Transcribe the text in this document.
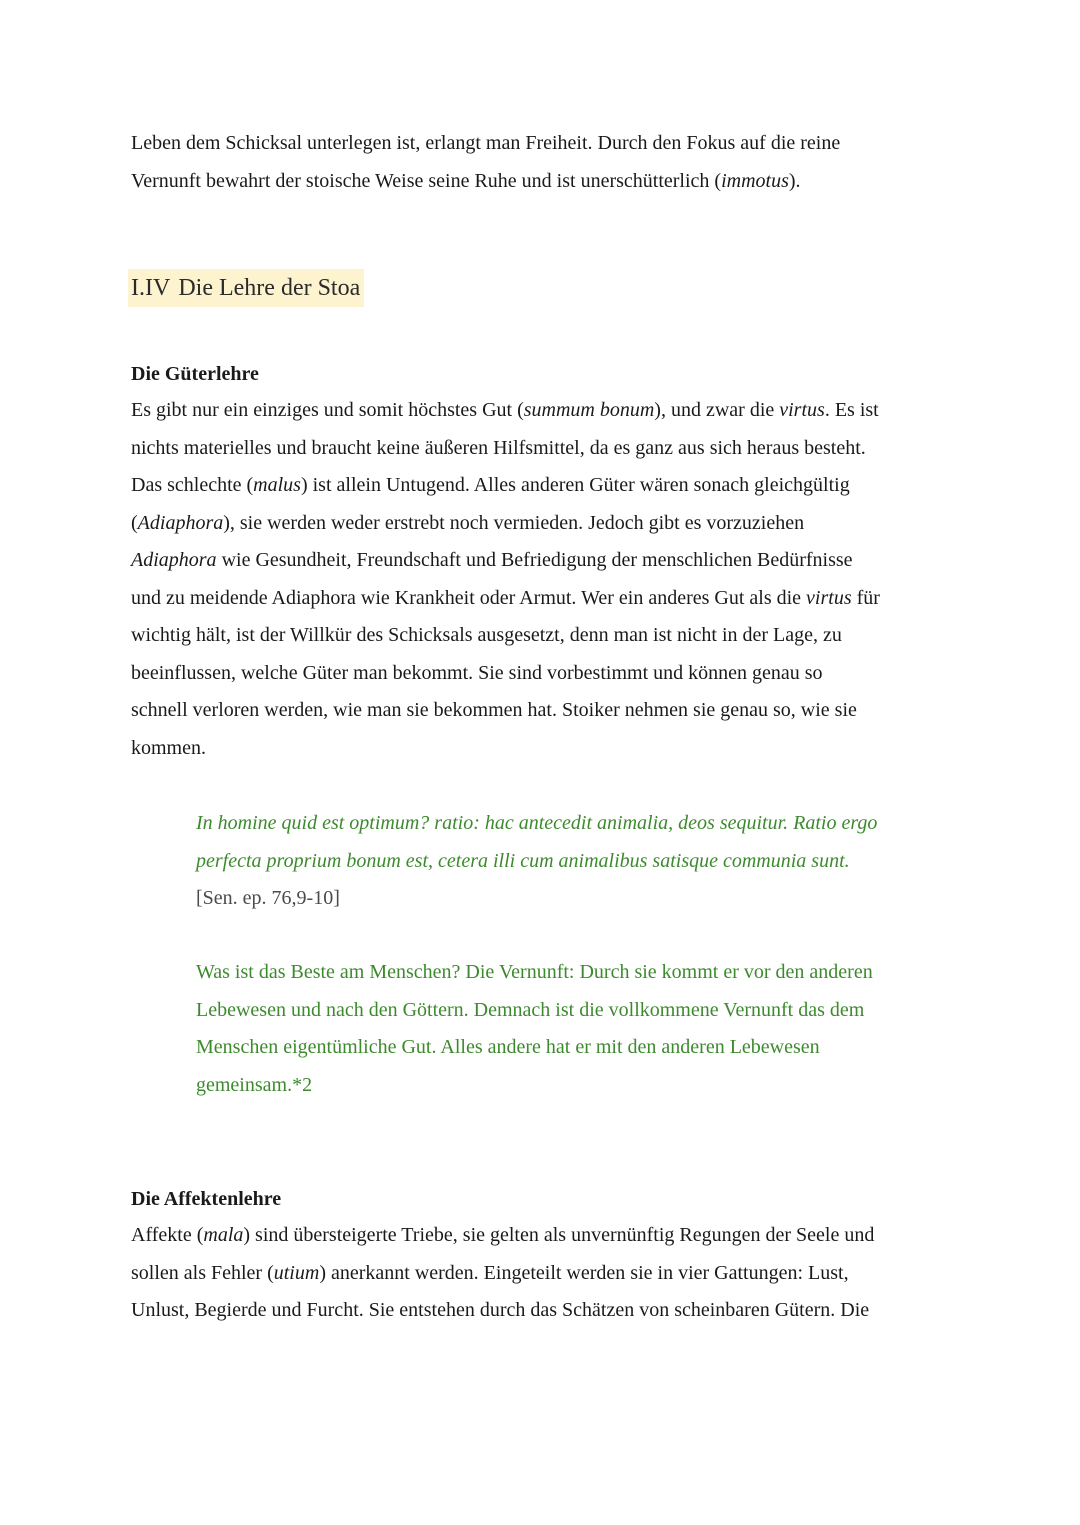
Leben dem Schicksal unterlegen ist, erlangt man Freiheit. Durch den Fokus auf die reine
Vernunft bewahrt der stoische Weise seine Ruhe und ist unerschütterlich (immotus).

I.IV Die Lehre der Stoa
Die Güterlehre

Es gibt nur ein einziges und somit höchstes Gut (summum bonum), und zwar die virtus. Es ist
nichts materielles und braucht keine äußeren Hilfsmittel, da es ganz aus sich heraus besteht.
Das schlechte (malus) ist allein Untugend. Alles anderen Güter wären sonach gleichgültig
(Adiaphora), sie werden weder erstrebt noch vermieden. Jedoch gibt es vorzuziehen
Adiaphora wie Gesundheit, Freundschaft und Befriedigung der menschlichen Bedürfnisse
und zu meidende Adiaphora wie Krankheit oder Armut. Wer ein anderes Gut als die virtus für
wichtig hält, ist der Willkür des Schicksals ausgesetzt, denn man ist nicht in der Lage, zu
beeinflussen, welche Güter man bekommt. Sie sind vorbestimmt und können genau so
schnell verloren werden, wie man sie bekommen hat. Stoiker nehmen sie genau so, wie sie
kommen.

In homine quid est optimum? ratio: hac antecedit animalia, deos sequitur. Ratio ergo
perfecta proprium bonum est, cetera illi cum animalibus satisque communia sunt.
[Sen. ep. 76,9-10]
Was ist das Beste am Menschen? Die Vernunft: Durch sie kommt er vor den anderen
Lebewesen und nach den Göttern. Demnach ist die vollkommene Vernunft das dem
Menschen eigentümliche Gut. Alles andere hat er mit den anderen Lebewesen
gemeinsam.*2
Die Affektenlehre

Affekte (mala) sind übersteigerte Triebe, sie gelten als unvernünftig Regungen der Seele und
sollen als Fehler (utium) anerkannt werden. Eingeteilt werden sie in vier Gattungen: Lust,
Unlust, Begierde und Furcht. Sie entstehen durch das Schätzen von scheinbaren Gütern. Die
